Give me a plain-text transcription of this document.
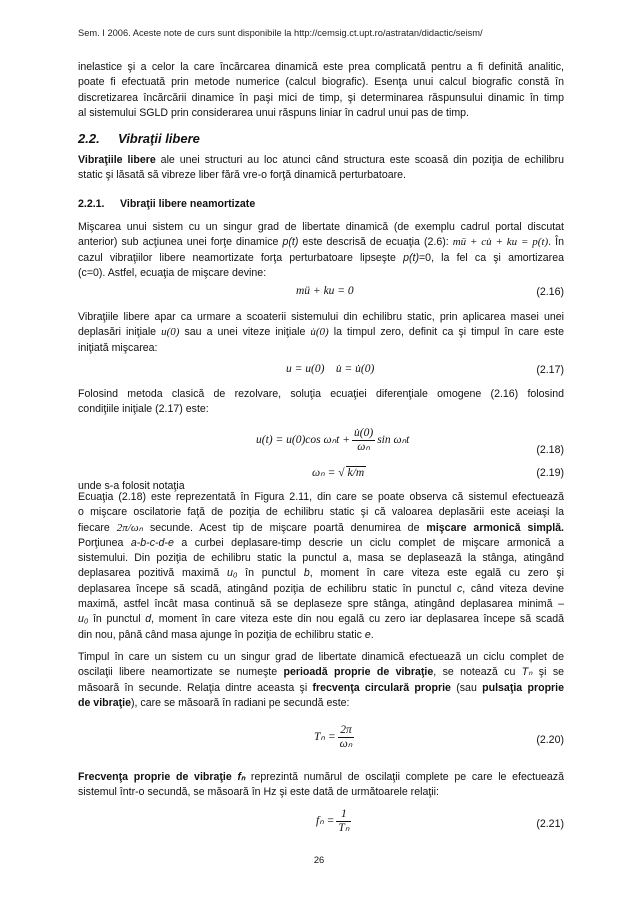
Sem. I 2006. Aceste note de curs sunt disponibile la http://cemsig.ct.upt.ro/astratan/didactic/seism/
inelastice şi a celor la care încărcarea dinamică este prea complicată pentru a fi definită analitic,
poate fi efectuată prin metode numerice (calcul biografic). Esenţa unui calcul biografic constă în
discretizarea încărcării dinamice în paşi mici de timp, şi determinarea răspunsului dinamic în timp
al sistemului SGLD prin considerarea unui răspuns liniar în cadrul unui pas de timp.
2.2. Vibraţii libere
Vibraţiile libere ale unei structuri au loc atunci când structura este scoasă din poziţia de echilibru
static şi lăsată să vibreze liber fără vre-o forţă dinamică perturbatoare.
2.2.1. Vibraţii libere neamortizate
Mişcarea unui sistem cu un singur grad de libertate dinamică (de exemplu cadrul portal discutat
anterior) sub acţiunea unei forţe dinamice p(t) este descrisă de ecuaţia (2.6): mü + cu̇ + ku = p(t). În
cazul vibraţiilor libere neamortizate forţa perturbatoare lipseşte p(t)=0, la fel ca şi amortizarea
(c=0). Astfel, ecuaţia de mişcare devine:
mü + ku = 0	(2.16)
Vibraţiile libere apar ca urmare a scoaterii sistemului din echilibru static, prin aplicarea masei unei
deplasări iniţiale u(0) sau a unei viteze iniţiale u̇(0) la timpul zero, definit ca şi timpul în care este
iniţiată mişcarea:
u = u(0)    u̇ = u̇(0)	(2.17)
Folosind metoda clasică de rezolvare, soluţia ecuaţiei diferenţiale omogene (2.16) folosind
condiţiile iniţiale (2.17) este:
u(t) = u(0)cos $\omega_nt + \frac{u̇(0)}{\text{ωₙ}}$ sin ωₙt
(2.18)
unde s-a folosit notaţia
ωₙ = √ k/m	(2.19)
Ecuaţia (2.18) este reprezentată în Figura 2.11, din care se poate observa că sistemul efectuează
o mişcare oscilatorie faţă de poziţia de echilibru static şi că valoarea deplasării este aceiaşi la
fiecare 2π/ωₙ secunde. Acest tip de mişcare poartă denumirea de mişcare armonică simplă.
Porţiunea a-b-c-d-e a curbei deplasare-timp descrie un ciclu complet de mişcare armonică a
sistemului. Din poziţia de echilibru static la punctul a, masa se deplasează la stânga, atingând
deplasarea pozitivă maximă u₀ în punctul b, moment în care viteza este egală cu zero şi
deplasarea începe să scadă, atingând poziţia de echilibru static în punctul c, când viteza devine
maximă, astfel încât masa continuă să se deplaseze spre stânga, atingând deplasarea minimă –
u₀ în punctul d, moment în care viteza este din nou egală cu zero iar deplasarea începe să scadă
din nou, până când masa ajunge în poziţia de echilibru static e.
Timpul în care un sistem cu un singur grad de libertate dinamică efectuează un ciclu complet de
oscilaţii libere neamortizate se numeşte perioadă proprie de vibraţie, se notează cu Tₙ şi se
măsoară în secunde. Relaţia dintre aceasta şi frecvenţa circulară proprie (sau pulsaţia proprie
de vibraţie), care se măsoară în radiani pe secundă este:
$T_n = \frac{2\pi}{\text{ωₙ}}$	(2.20)
Frecvenţa proprie de vibraţie fₙ reprezintă numărul de oscilaţii complete pe care le efectuează
sistemul într-o secundă, se măsoară în Hz şi este dată de următoarele relaţii:
$f_n = \frac{1}{\text{Tₙ}}$	(2.21)
26
